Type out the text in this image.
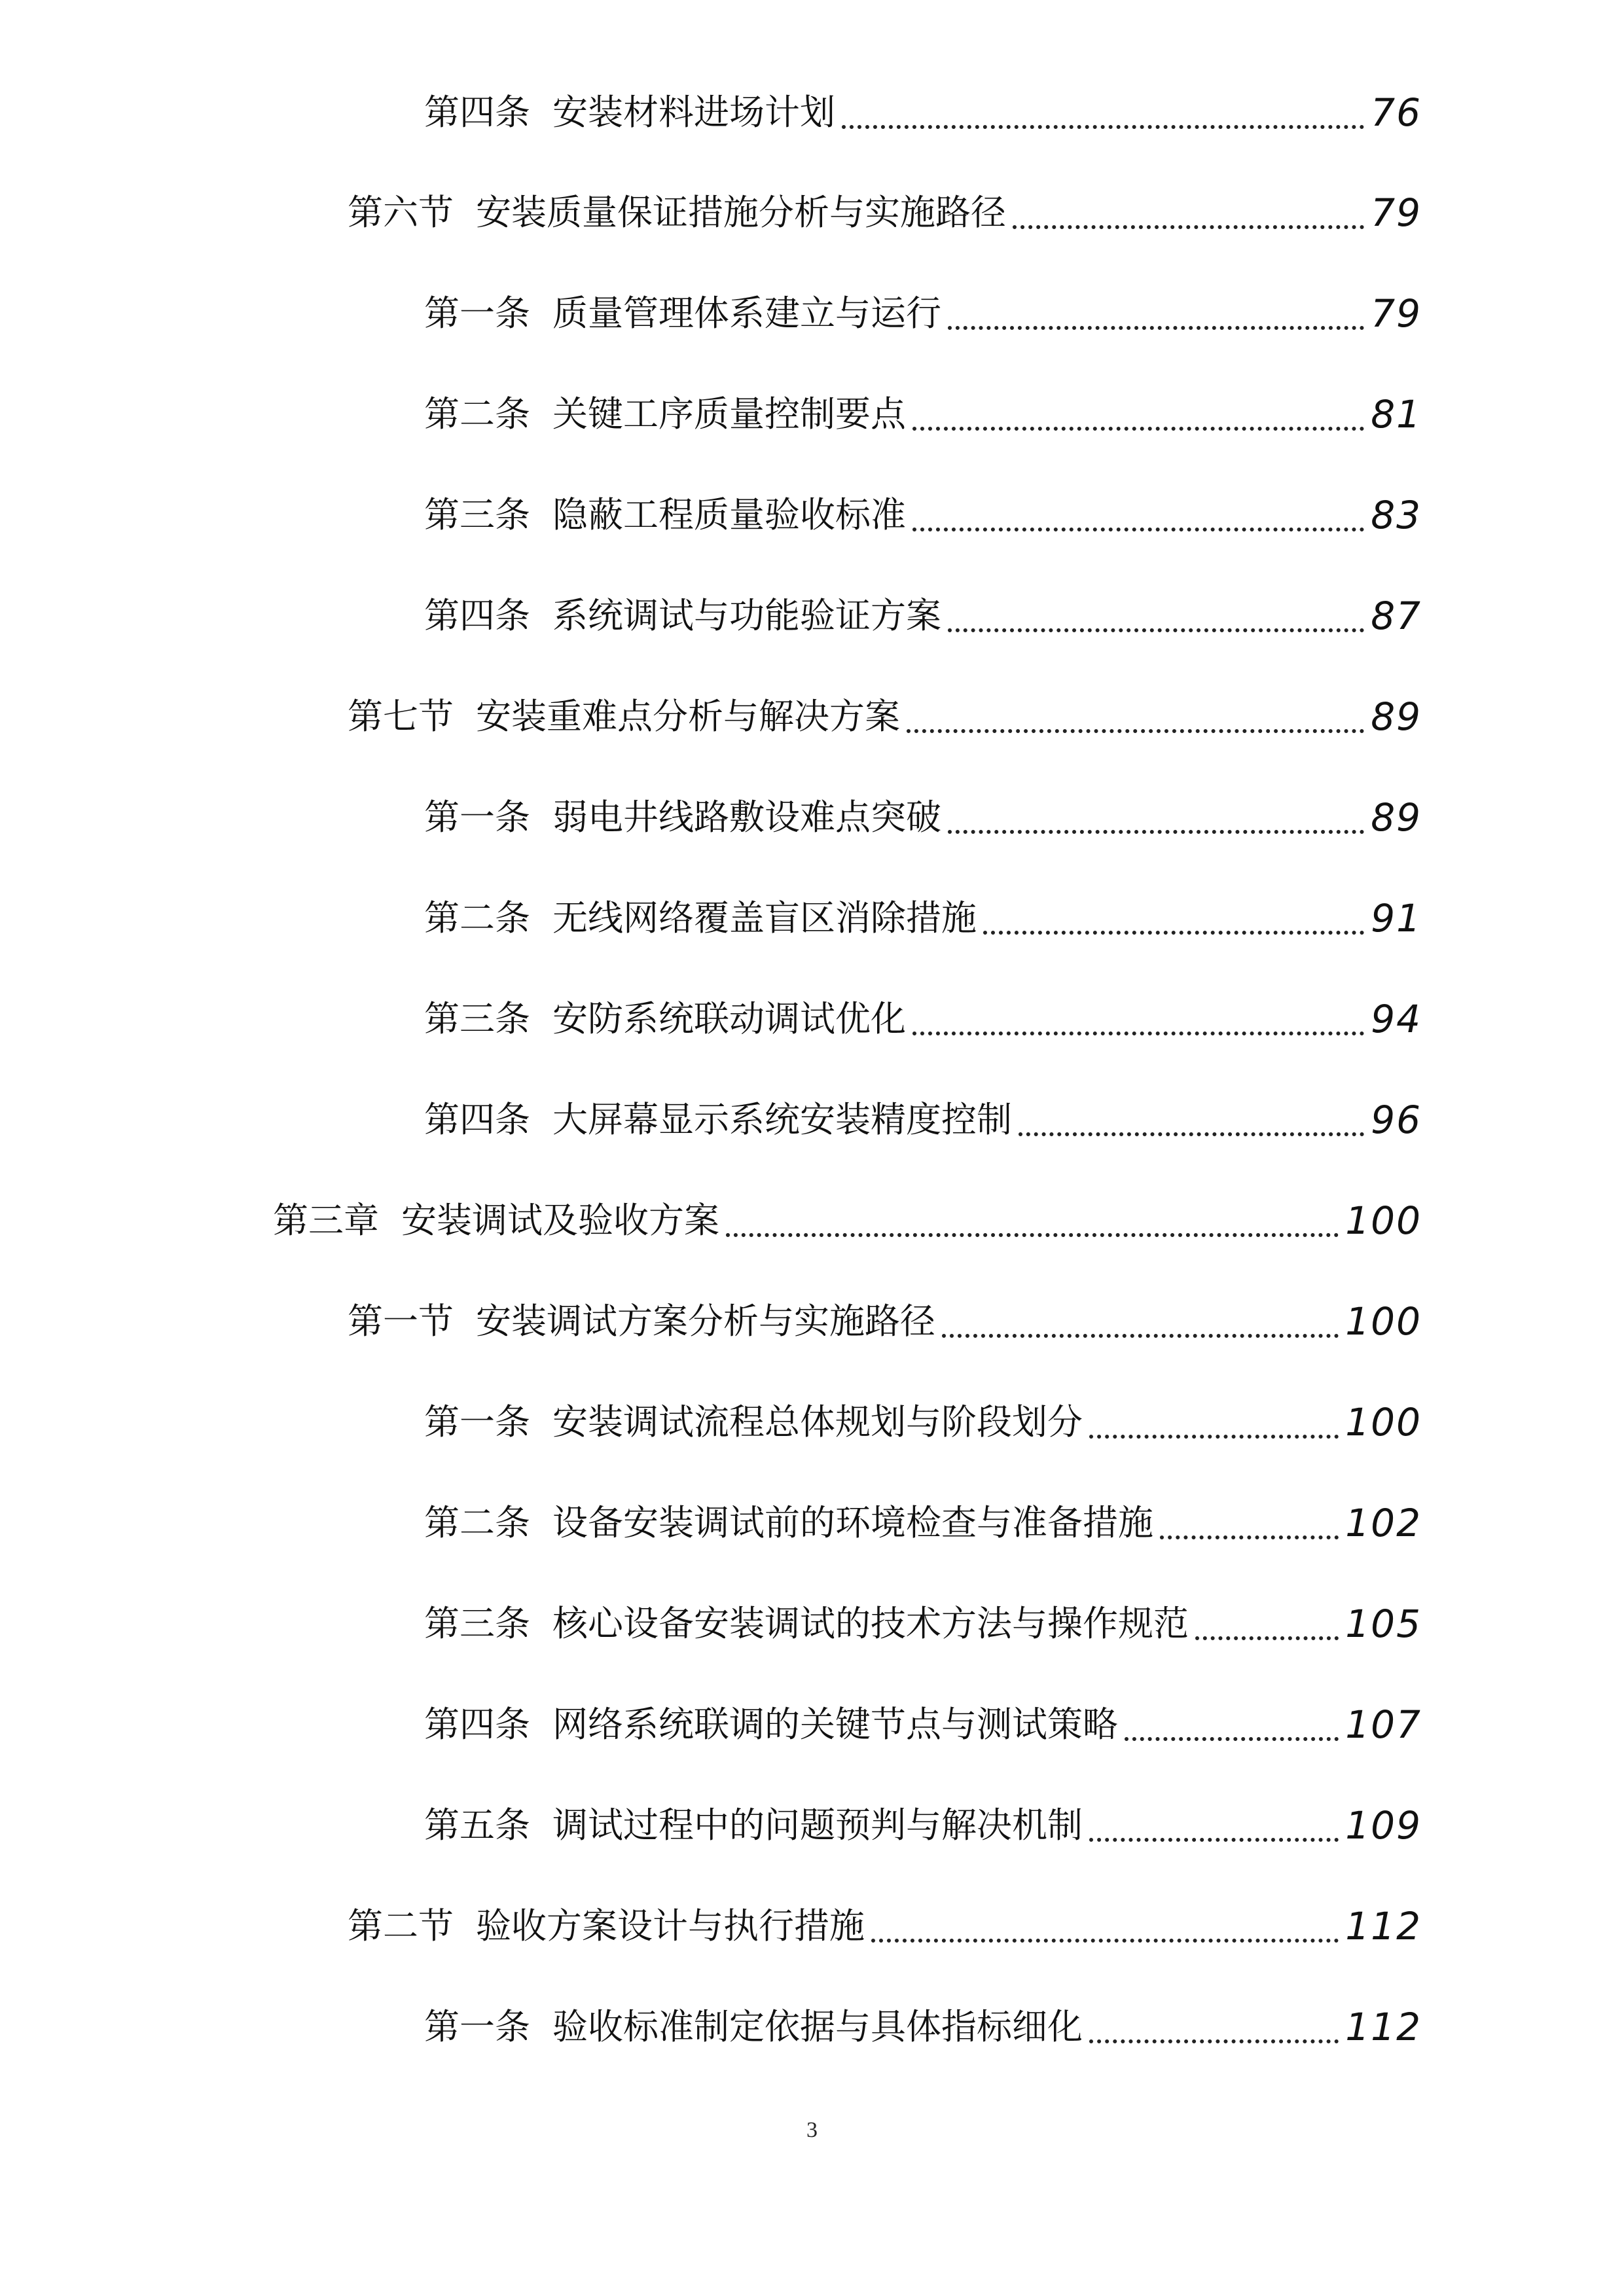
第四条 安装材料进场计划	76
第六节 安装质量保证措施分析与实施路径	79
第一条 质量管理体系建立与运行	79
第二条 关键工序质量控制要点	81
第三条 隐蔽工程质量验收标准	83
第四条 系统调试与功能验证方案	87
第七节 安装重难点分析与解决方案	89
第一条 弱电井线路敷设难点突破	89
第二条 无线网络覆盖盲区消除措施	91
第三条 安防系统联动调试优化	94
第四条 大屏幕显示系统安装精度控制	96
第三章 安装调试及验收方案	100
第一节 安装调试方案分析与实施路径	100
第一条 安装调试流程总体规划与阶段划分	100
第二条 设备安装调试前的环境检查与准备措施	102
第三条 核心设备安装调试的技术方法与操作规范	105
第四条 网络系统联调的关键节点与测试策略	107
第五条 调试过程中的问题预判与解决机制	109
第二节 验收方案设计与执行措施	112
第一条 验收标准制定依据与具体指标细化	112
3
